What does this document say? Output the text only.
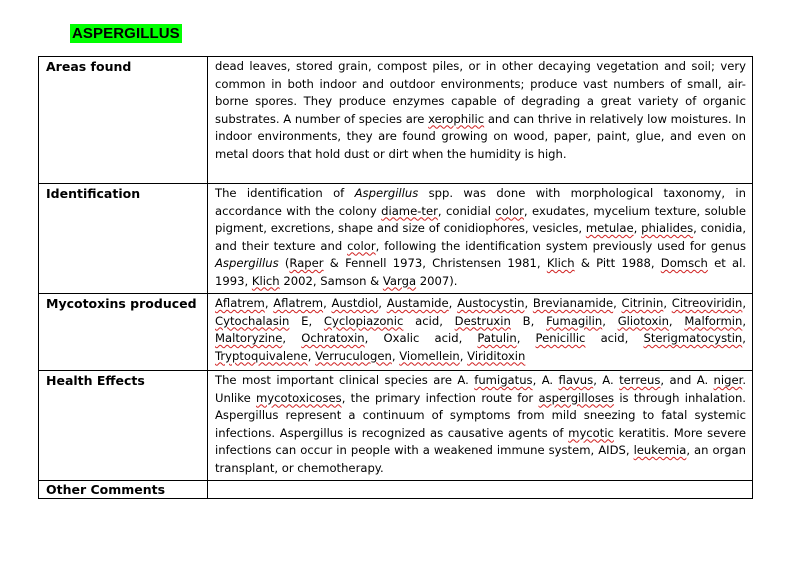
ASPERGILLUS
Areas found	dead leaves, stored grain, compost piles, or in other decaying vegetation and soil; very common in both indoor and outdoor environments; produce vast numbers of small, air-borne spores. They produce enzymes capable of degrading a great variety of organic substrates. A number of species are xerophilic and can thrive in relatively low moistures. In indoor environments, they are found growing on wood, paper, paint, glue, and even on metal doors that hold dust or dirt when the humidity is high.
Identification	The identification of Aspergillus spp. was done with morphological taxonomy, in accordance with the colony diame-ter, conidial color, exudates, mycelium texture, soluble pigment, excretions, shape and size of conidiophores, vesicles, metulae, phialides, conidia, and their texture and color, following the identification system previously used for genus Aspergillus (Raper & Fennell 1973, Christensen 1981, Klich & Pitt 1988, Domsch et al. 1993, Klich 2002, Samson & Varga 2007).
Mycotoxins produced	Aflatrem, Aflatrem, Austdiol, Austamide, Austocystin, Brevianamide, Citrinin, Citreoviridin, Cytochalasin E, Cyclopiazonic acid, Destruxin B, Fumagilin, Gliotoxin, Malformin, Maltoryzine, Ochratoxin, Oxalic acid, Patulin, Penicillic acid, Sterigmatocystin, Tryptoquivalene, Verruculogen, Viomellein, Viriditoxin
Health Effects	The most important clinical species are A. fumigatus, A. flavus, A. terreus, and A. niger. Unlike mycotoxicoses, the primary infection route for aspergilloses is through inhalation. Aspergillus represent a continuum of symptoms from mild sneezing to fatal systemic infections. Aspergillus is recognized as causative agents of mycotic keratitis. More severe infections can occur in people with a weakened immune system, AIDS, leukemia, an organ transplant, or chemotherapy.
Other Comments	
